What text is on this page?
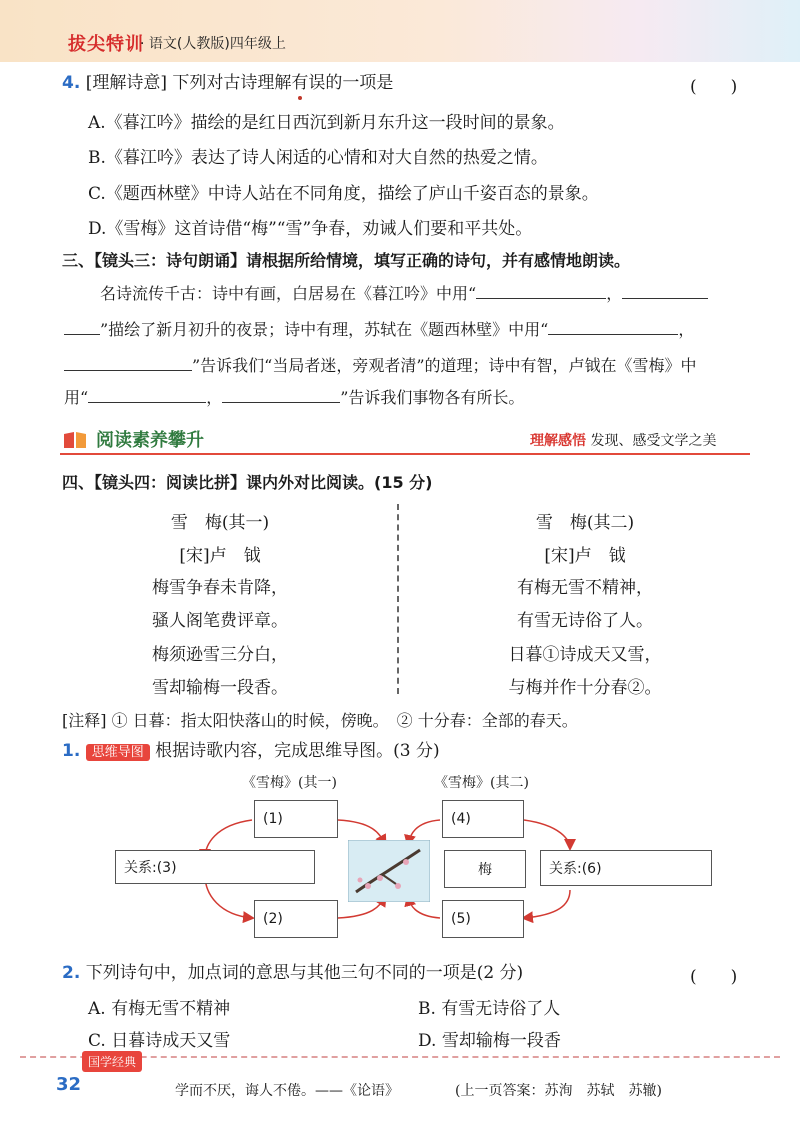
拔尖特训
· 语文(人教版)四年级上
4. [理解诗意] 下列对古诗理解有误的一项是	(　　)
A.《暮江吟》描绘的是红日西沉到新月东升这一段时间的景象。
B.《暮江吟》表达了诗人闲适的心情和对大自然的热爱之情。
C.《题西林壁》中诗人站在不同角度，描绘了庐山千姿百态的景象。
D.《雪梅》这首诗借“梅”“雪”争春，劝诫人们要和平共处。
三、【镜头三：诗句朗诵】请根据所给情境，填写正确的诗句，并有感情地朗读。
名诗流传千古：诗中有画，白居易在《暮江吟》中用“	，
”描绘了新月初升的夜景；诗中有理，苏轼在《题西林壁》中用“	，
”告诉我们“当局者迷，旁观者清”的道理；诗中有智，卢钺在《雪梅》中
用“	，	”告诉我们事物各有所长。
阅读素养攀升	理解感悟 发现、感受文学之美
四、【镜头四：阅读比拼】课内外对比阅读。(15 分)
雪　梅(其一)
[宋]卢　钺
梅雪争春未肯降，
骚人阁笔费评章。
梅须逊雪三分白，
雪却输梅一段香。
雪　梅(其二)
[宋]卢　钺
有梅无雪不精神，
有雪无诗俗了人。
日暮①诗成天又雪，
与梅并作十分春②。
[注释] ① 日暮：指太阳快落山的时候，傍晚。　② 十分春：全部的春天。
1. 思维导图 根据诗歌内容，完成思维导图。(3 分)
《雪梅》(其一)	《雪梅》(其二)
(1)
(2)
关系:(3)
(4)
(5)
关系:(6)
梅
2. 下列诗句中，加点词的意思与其他三句不同的一项是(2 分)	(　　)
A. 有梅无雪不精神	B. 有雪无诗俗了人
C. 日暮诗成天又雪	D. 雪却输梅一段香
国学经典
32	学而不厌，诲人不倦。——《论语》	(上一页答案：苏洵　苏轼　苏辙)
